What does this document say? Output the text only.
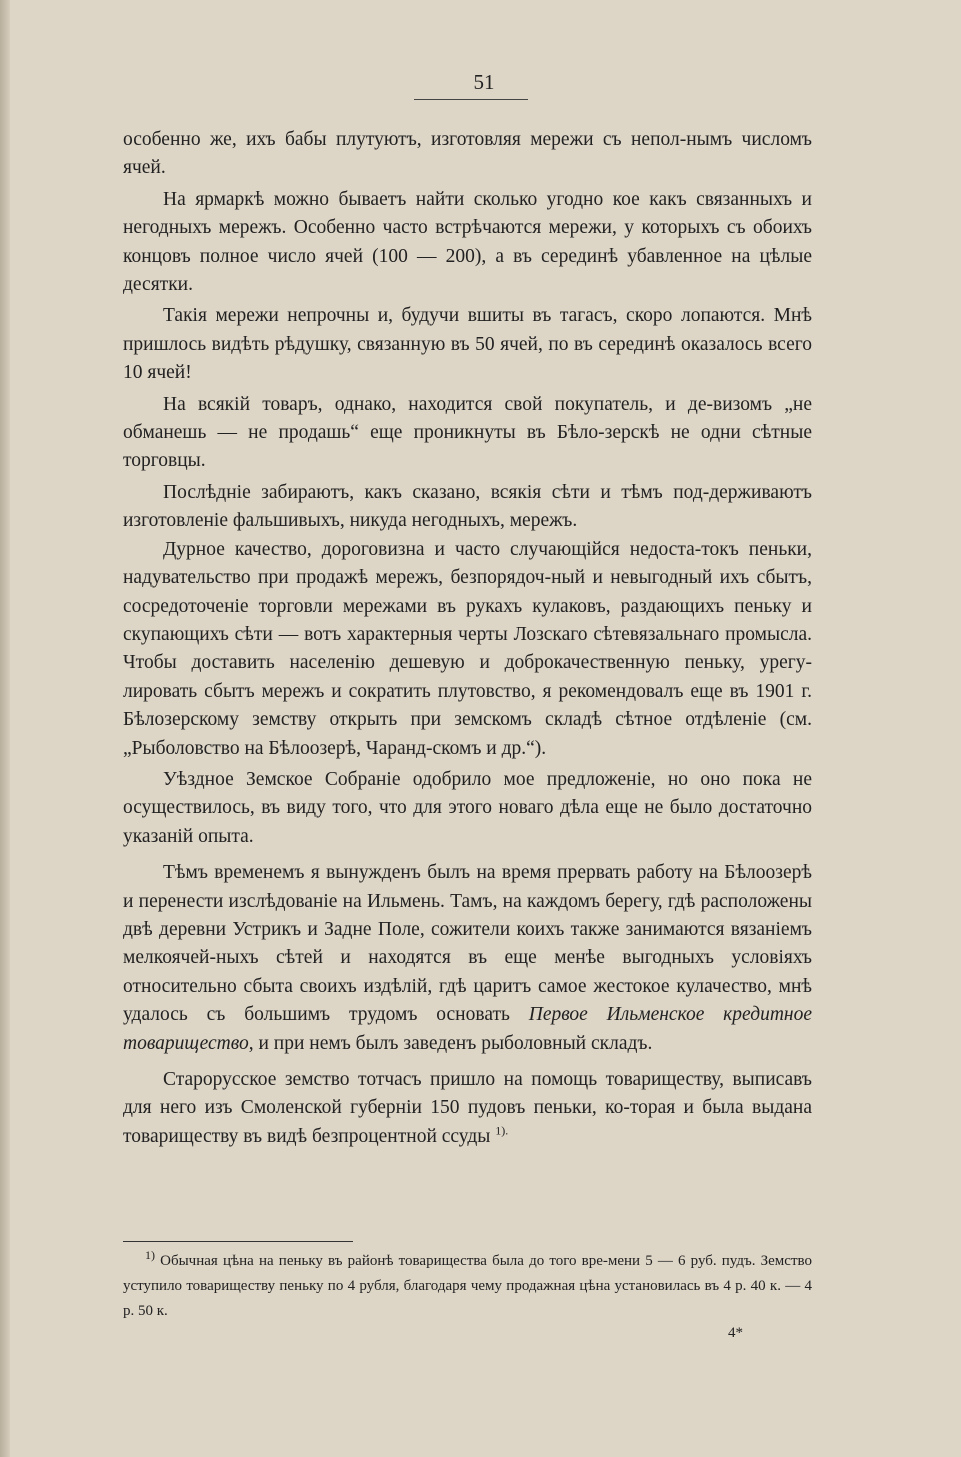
51

особенно же, ихъ бабы плутуютъ, изготовляя мережи съ непол-нымъ числомъ ячей.

На ярмаркѣ можно бываетъ найти сколько угодно кое какъ связанныхъ и негодныхъ мережъ. Особенно часто встрѣчаются мережи, у которыхъ съ обоихъ концовъ полное число ячей (100 — 200), а въ серединѣ убавленное на цѣлые десятки.

Такія мережи непрочны и, будучи вшиты въ тагасъ, скоро лопаются. Мнѣ пришлось видѣть рѣдушку, связанную въ 50 ячей, по въ серединѣ оказалось всего 10 ячей!

На всякій товаръ, однако, находится свой покупатель, и де-визомъ „не обманешь — не продашь“ еще проникнуты въ Бѣло-зерскѣ не одни сѣтные торговцы.

Послѣдніе забираютъ, какъ сказано, всякія сѣти и тѣмъ под-держиваютъ изготовленіе фальшивыхъ, никуда негодныхъ, мережъ.

Дурное качество, дороговизна и часто случающійся недоста-токъ пеньки, надувательство при продажѣ мережъ, безпорядоч-ный и невыгодный ихъ сбытъ, сосредоточеніе торговли мережами въ рукахъ кулаковъ, раздающихъ пеньку и скупающихъ сѣти — вотъ характерныя черты Лозскаго сѣтевязальнаго промысла. Чтобы доставить населенію дешевую и доброкачественную пеньку, урегу-лировать сбытъ мережъ и сократить плутовство, я рекомендовалъ еще въ 1901 г. Бѣлозерскому земству открыть при земскомъ складѣ сѣтное отдѣленіе (см. „Рыболовство на Бѣлоозерѣ, Чаранд-скомъ и др.“).

Уѣздное Земское Собраніе одобрило мое предложеніе, но оно пока не осуществилось, въ виду того, что для этого новаго дѣла еще не было достаточно указаній опыта.

Тѣмъ временемъ я вынужденъ былъ на время прервать работу на Бѣлоозерѣ и перенести изслѣдованіе на Ильмень. Тамъ, на каждомъ берегу, гдѣ расположены двѣ деревни Устрикъ и Задне Поле, сожители коихъ также занимаются вязаніемъ мелкоячей-ныхъ сѣтей и находятся въ еще менѣе выгодныхъ условіяхъ относительно сбыта своихъ издѣлій, гдѣ царитъ самое жестокое кулачество, мнѣ удалось съ большимъ трудомъ основать Первое Ильменское кредитное товарищество, и при немъ былъ заведенъ рыболовный складъ.

Старорусское земство тотчасъ пришло на помощь товариществу, выписавъ для него изъ Смоленской губерніи 150 пудовъ пеньки, ко-торая и была выдана товариществу въ видѣ безпроцентной ссуды $^{1).}$

$^{1)}$ Обычная цѣна на пеньку въ районѣ товарищества была до того вре-мени 5 — 6 руб. пудъ. Земство уступило товариществу пеньку по 4 рубля, благодаря чему продажная цѣна установилась въ 4 р. 40 к. — 4 р. 50 к.

4*
